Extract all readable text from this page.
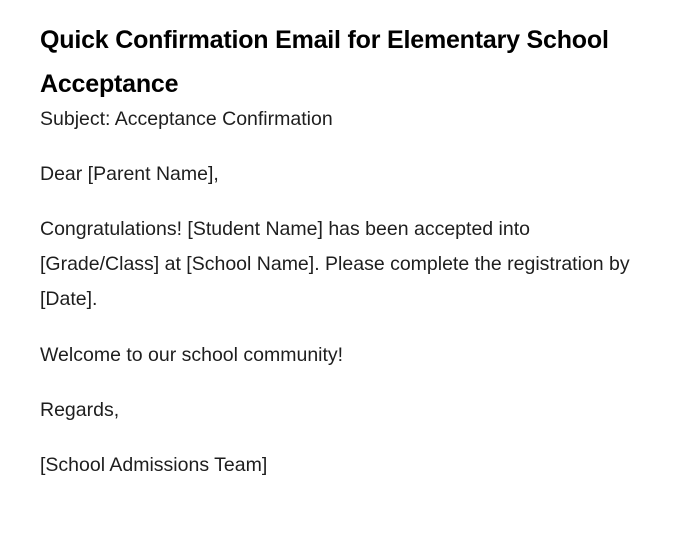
Quick Confirmation Email for Elementary School Acceptance

Subject: Acceptance Confirmation

Dear [Parent Name],

Congratulations! [Student Name] has been accepted into [Grade/Class] at [School Name]. Please complete the registration by [Date].

Welcome to our school community!

Regards,

[School Admissions Team]
